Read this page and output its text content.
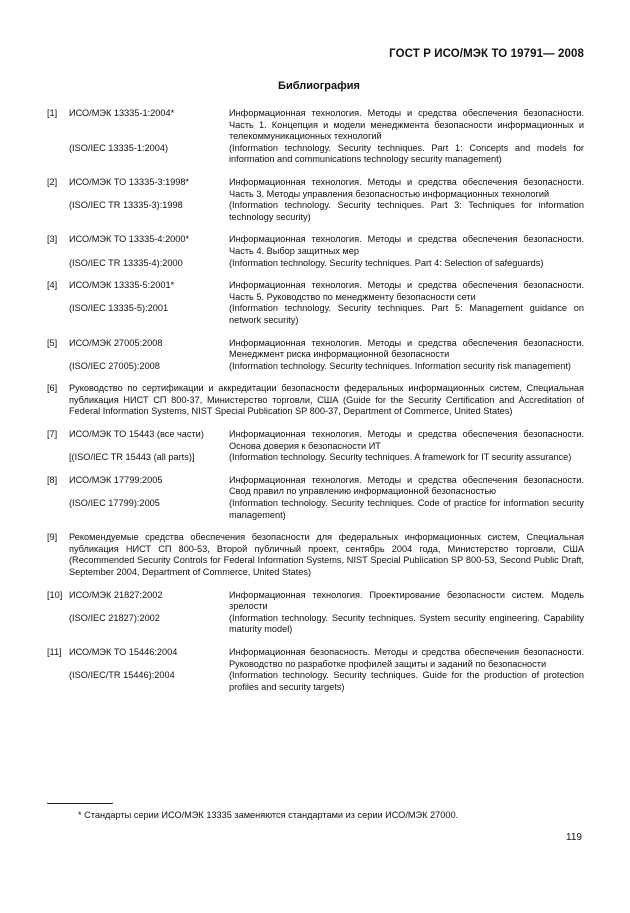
ГОСТ Р ИСО/МЭК ТО 19791— 2008
Библиография
[1]	ИСО/МЭК 13335-1:2004*	Информационная технология. Методы и средства обеспечения безопасности. Часть 1. Концепция и модели менеджмента безопасности информационных и телекоммуникационных технологий
(ISO/IEC 13335-1:2004)	(Information technology. Security techniques. Part 1: Concepts and models for information and communications technology security management)
[2]	ИСО/МЭК ТО 13335-3:1998*	Информационная технология. Методы и средства обеспечения безопасности. Часть 3. Методы управления безопасностью информационных технологий
(ISO/IEC TR 13335-3):1998	(Information technology. Security techniques. Part 3: Techniques for information technology security)
[3]	ИСО/МЭК ТО 13335-4:2000*	Информационная технология. Методы и средства обеспечения безопасности. Часть 4. Выбор защитных мер
(ISO/IEC TR 13335-4):2000	(Information technology. Security techniques. Part 4: Selection of safeguards)
[4]	ИСО/МЭК 13335-5:2001*	Информационная технология. Методы и средства обеспечения безопасности. Часть 5. Руководство по менеджменту безопасности сети
(ISO/IEC 13335-5):2001	(Information technology. Security techniques. Part 5: Management guidance on network security)
[5]	ИСО/МЭК 27005:2008	Информационная технология. Методы и средства обеспечения безопасности. Менеджмент риска информационной безопасности
(ISO/IEC 27005):2008	(Information technology. Security techniques. Information security risk management)
[6]	Руководство по сертификации и аккредитации безопасности федеральных информационных систем, Специальная публикация НИСТ СП 800-37, Министерство торговли, США (Guide for the Security Certification and Accreditation of Federal Information Systems, NIST Special Publication SP 800-37, Department of Commerce, United States)
[7]	ИСО/МЭК ТО 15443 (все части)	Информационная технология. Методы и средства обеспечения безопасности. Основа доверия к безопасности ИТ
[(ISO/IEC TR 15443 (all parts)]	(Information technology. Security techniques. A framework for IT security assurance)
[8]	ИСО/МЭК 17799:2005	Информационная технология. Методы и средства обеспечения безопасности. Свод правил по управлению информационной безопасностью
(ISO/IEC 17799):2005	(Information technology. Security techniques. Code of practice for information security management)
[9]	Рекомендуемые средства обеспечения безопасности для федеральных информационных систем, Специальная публикация НИСТ СП 800-53, Второй публичный проект, сентябрь 2004 года, Министерство торговли, США (Recommended Security Controls for Federal Information Systems, NIST Special Publication SP 800-53, Second Public Draft, September 2004, Department of Commerce, United States)
[10] ИСО/МЭК 21827:2002	Информационная технология. Проектирование безопасности систем. Модель зрелости
(ISO/IEC 21827):2002	(Information technology. Security techniques. System security engineering. Capability maturity model)
[11] ИСО/МЭК ТО 15446:2004	Информационная безопасность. Методы и средства обеспечения безопасности. Руководство по разработке профилей защиты и заданий по безопасности
(ISO/IEC/TR 15446):2004	(Information technology. Security techniques. Guide for the production of protection profiles and security targets)
* Стандарты серии ИСО/МЭК 13335 заменяются стандартами из серии ИСО/МЭК 27000.
119
